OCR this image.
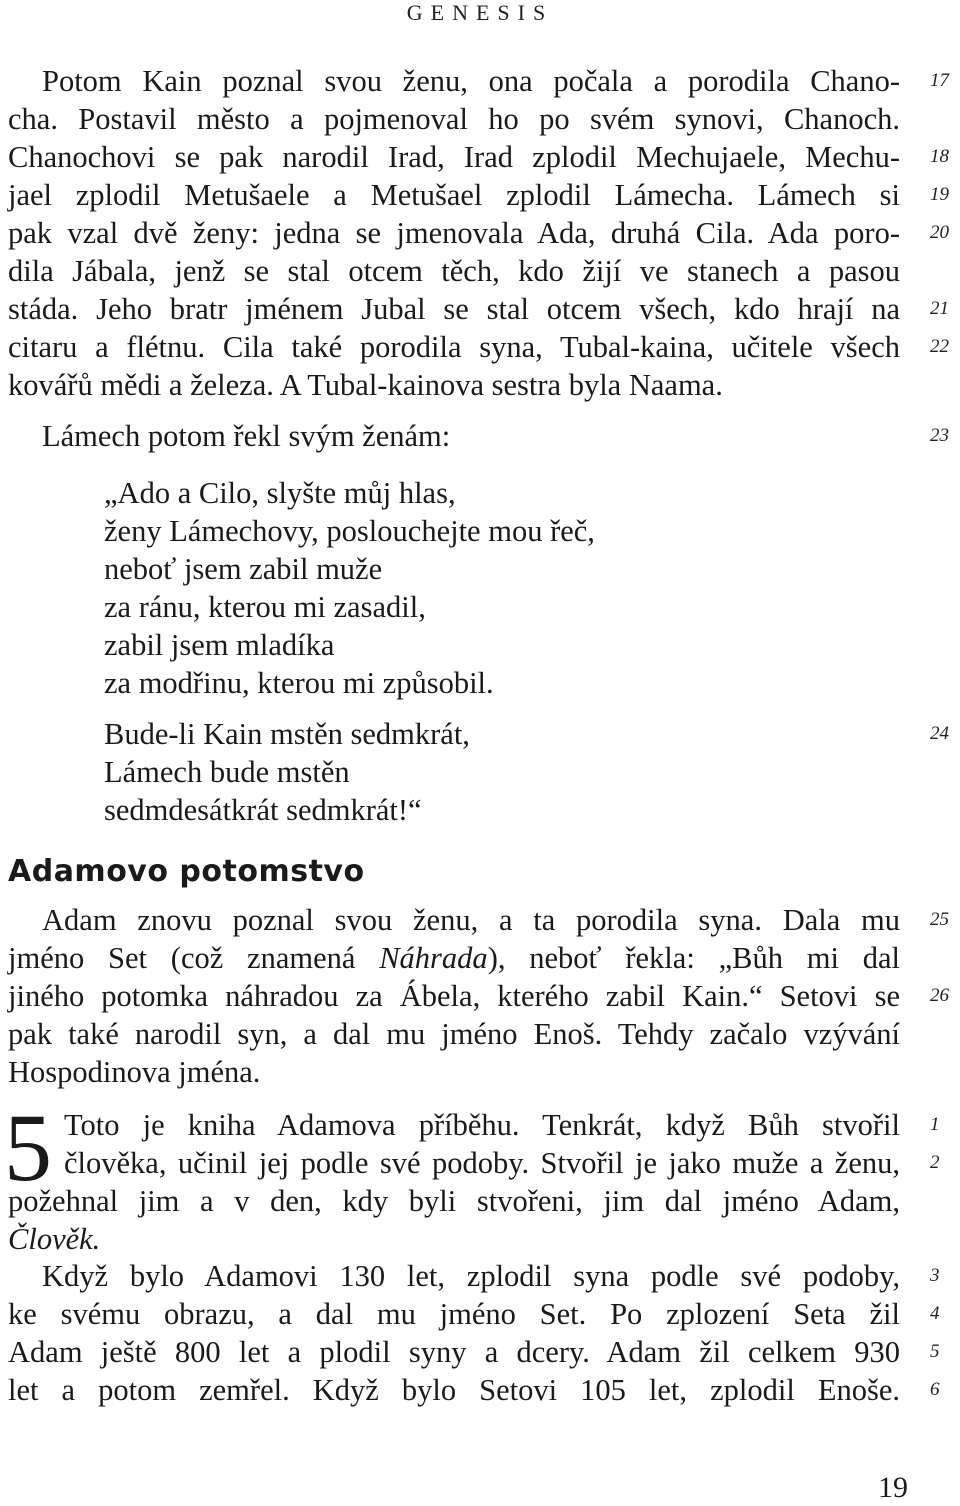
GENESIS
Potom Kain poznal svou ženu, ona počala a porodila Chano- 17
cha. Postavil město a pojmenoval ho po svém synovi, Chanoch.
Chanochovi se pak narodil Irad, Irad zplodil Mechujaele, Mechu- 18
jael zplodil Metušaele a Metušael zplodil Lámecha. Lámech si 19
pak vzal dvě ženy: jedna se jmenovala Ada, druhá Cila. Ada poro- 20
dila Jábala, jenž se stal otcem těch, kdo žijí ve stanech a pasou
stáda. Jeho bratr jménem Jubal se stal otcem všech, kdo hrají na 21
citaru a flétnu. Cila také porodila syna, Tubal-kaina, učitele všech 22
kovářů mědi a železa. A Tubal-kainova sestra byla Naama.
Lámech potom řekl svým ženám:	23
„Ado a Cilo, slyšte můj hlas,
ženy Lámechovy, poslouchejte mou řeč,
neboť jsem zabil muže
za ránu, kterou mi zasadil,
zabil jsem mladíka
za modřinu, kterou mi způsobil.
Bude-li Kain mstěn sedmkrát,	24
Lámech bude mstěn
sedmdesátkrát sedmkrát!“
Adamovo potomstvo
Adam znovu poznal svou ženu, a ta porodila syna. Dala mu 25
jméno Set (což znamená Náhrada), neboť řekla: „Bůh mi dal
jiného potomka náhradou za Ábela, kterého zabil Kain.“ Setovi se 26
pak také narodil syn, a dal mu jméno Enoš. Tehdy začalo vzývání
Hospodinova jména.
5 Toto je kniha Adamova příběhu. Tenkrát, když Bůh stvořil 1
člověka, učinil jej podle své podoby. Stvořil je jako muže a ženu, 2
požehnal jim a v den, kdy byli stvořeni, jim dal jméno Adam,
Člověk.
Když bylo Adamovi 130 let, zplodil syna podle své podoby, 3
ke svému obrazu, a dal mu jméno Set. Po zplození Seta žil 4
Adam ještě 800 let a plodil syny a dcery. Adam žil celkem 930 5
let a potom zemřel. Když bylo Setovi 105 let, zplodil Enoše. 6
19
